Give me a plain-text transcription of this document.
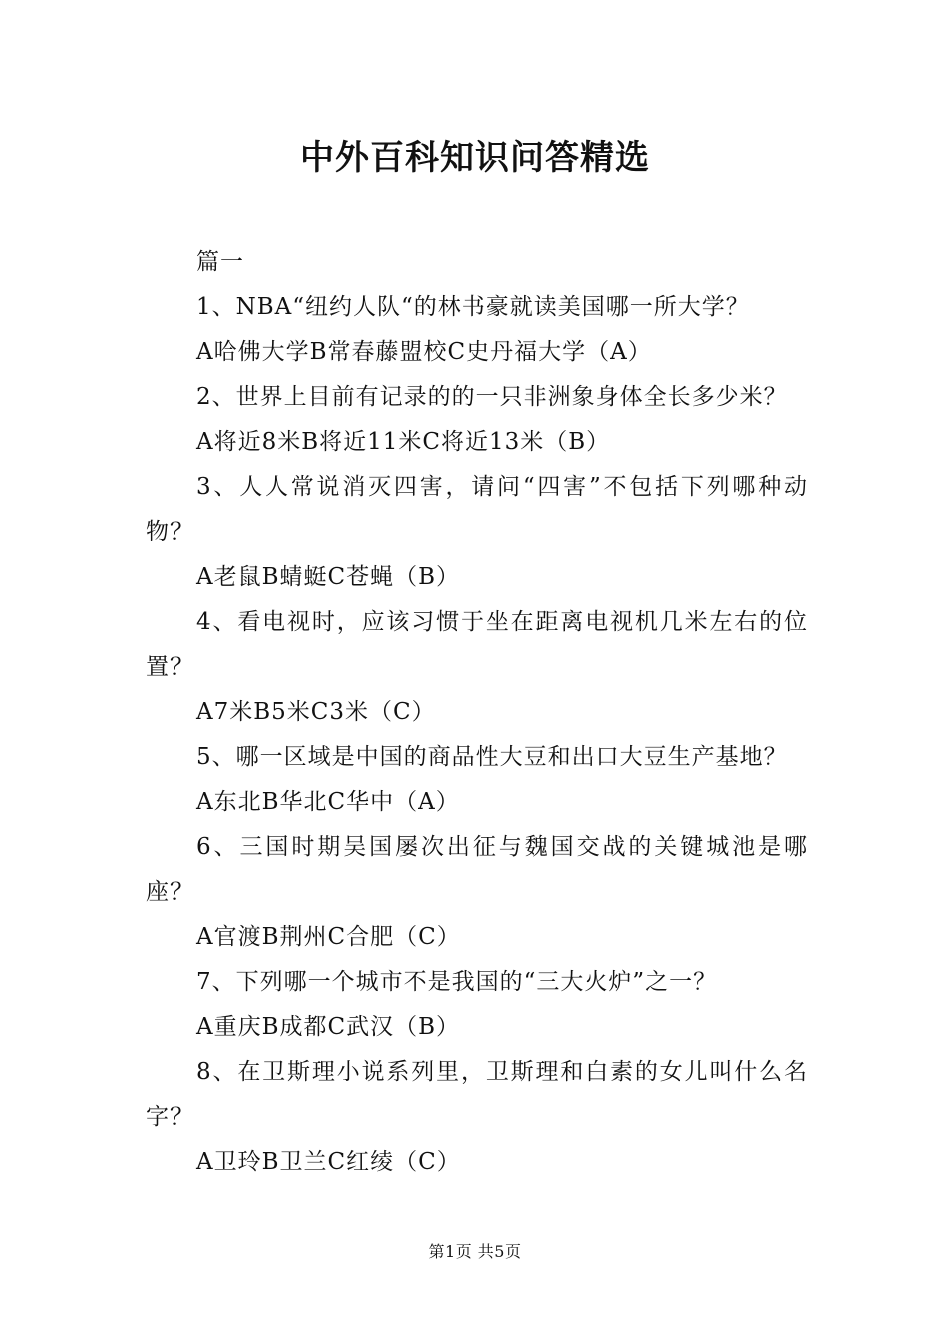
中外百科知识问答精选

篇一

1、NBA“纽约人队“的林书豪就读美国哪一所大学？

A哈佛大学B常春藤盟校C史丹福大学（A）

2、世界上目前有记录的的一只非洲象身体全长多少米？

A将近8米B将近11米C将近13米（B）

3、人人常说消灭四害，请问“四害”不包括下列哪种动物？

A老鼠B蜻蜓C苍蝇（B）

4、看电视时，应该习惯于坐在距离电视机几米左右的位置？

A7米B5米C3米（C）

5、哪一区域是中国的商品性大豆和出口大豆生产基地？

A东北B华北C华中（A）

6、三国时期吴国屡次出征与魏国交战的关键城池是哪座？

A官渡B荆州C合肥（C）

7、下列哪一个城市不是我国的“三大火炉”之一？

A重庆B成都C武汉（B）

8、在卫斯理小说系列里，卫斯理和白素的女儿叫什么名字？

A卫玲B卫兰C红绫（C）

第1页 共5页
